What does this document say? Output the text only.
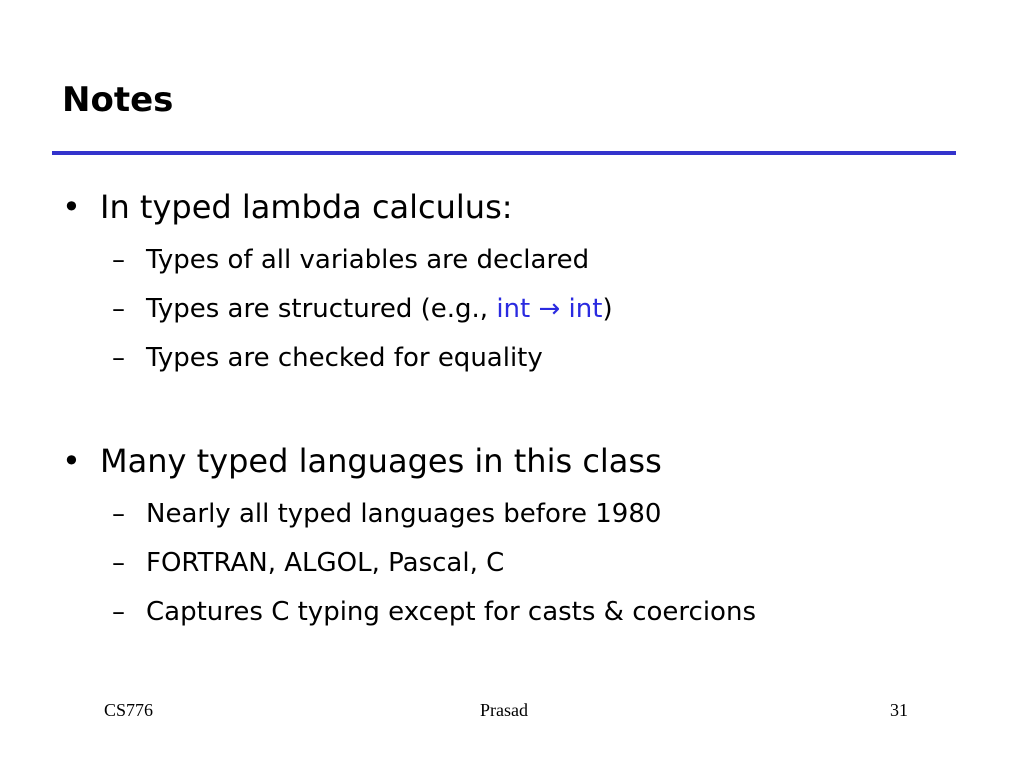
Notes
• In typed lambda calculus:
– Types of all variables are declared
– Types are structured (e.g., int → int)
– Types are checked for equality
• Many typed languages in this class
– Nearly all typed languages before 1980
– FORTRAN, ALGOL, Pascal, C
– Captures C typing except for casts & coercions
CS776	Prasad	31
